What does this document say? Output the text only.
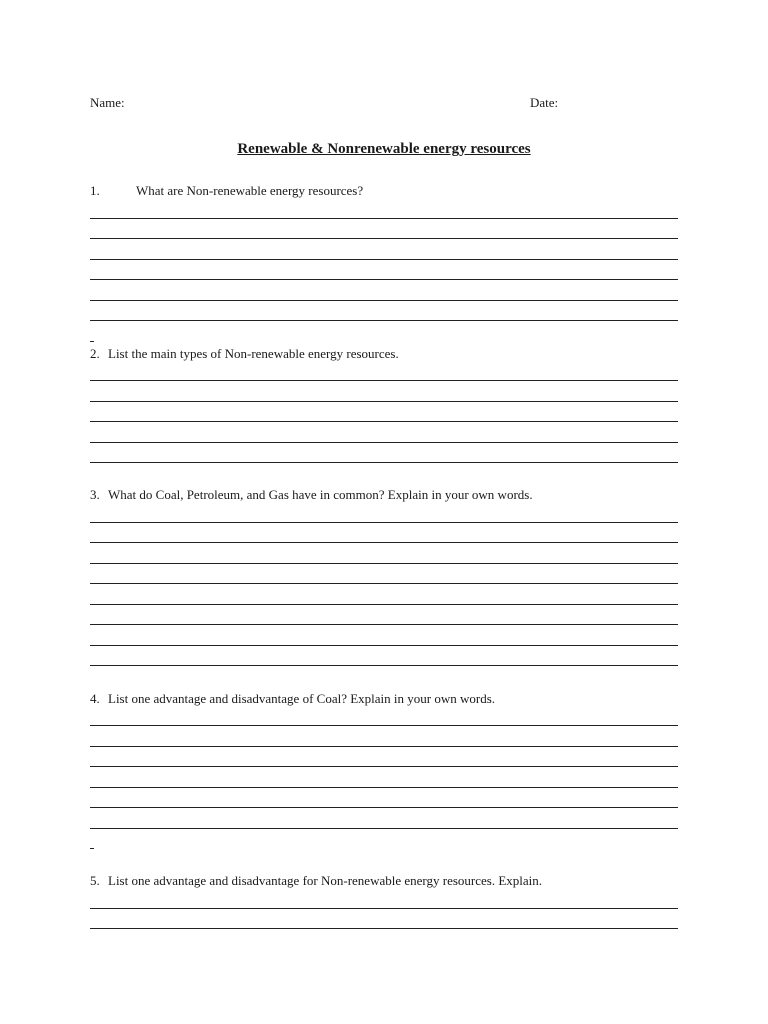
Name:	Date:
Renewable & Nonrenewable energy resources
1.	What are Non-renewable energy resources?
2. List the main types of Non-renewable energy resources.
3. What do Coal, Petroleum, and Gas have in common? Explain in your own words.
4. List one advantage and disadvantage of Coal? Explain in your own words.
5. List one advantage and disadvantage for Non-renewable energy resources. Explain.
